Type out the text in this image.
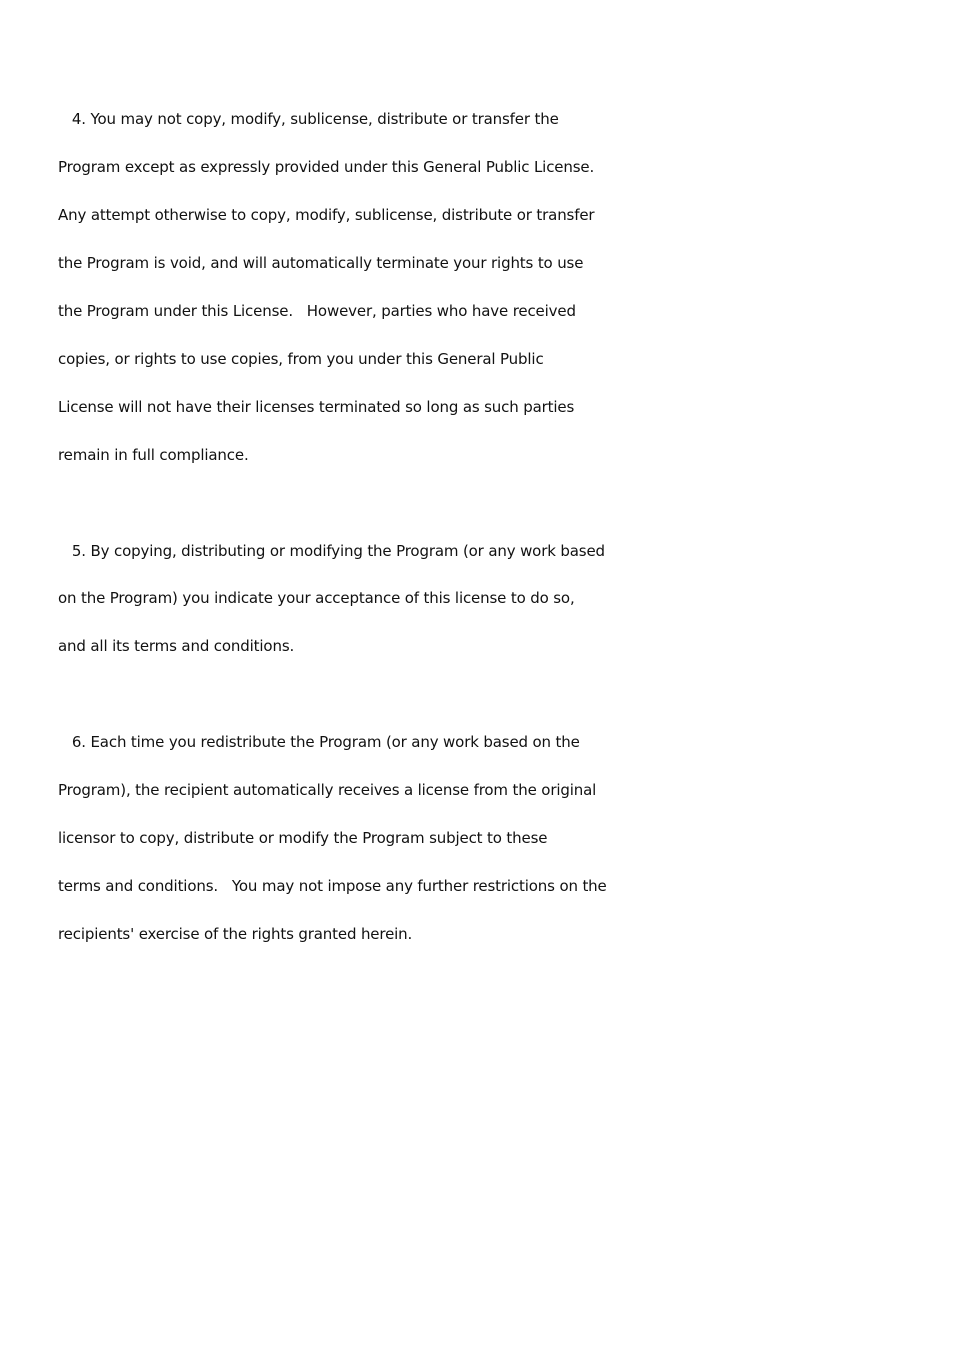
4. You may not copy, modify, sublicense, distribute or transfer the
Program except as expressly provided under this General Public License.
Any attempt otherwise to copy, modify, sublicense, distribute or transfer
the Program is void, and will automatically terminate your rights to use
the Program under this License.   However, parties who have received
copies, or rights to use copies, from you under this General Public
License will not have their licenses terminated so long as such parties
remain in full compliance.
5. By copying, distributing or modifying the Program (or any work based
on the Program) you indicate your acceptance of this license to do so,
and all its terms and conditions.
6. Each time you redistribute the Program (or any work based on the
Program), the recipient automatically receives a license from the original
licensor to copy, distribute or modify the Program subject to these
terms and conditions.   You may not impose any further restrictions on the
recipients' exercise of the rights granted herein.
